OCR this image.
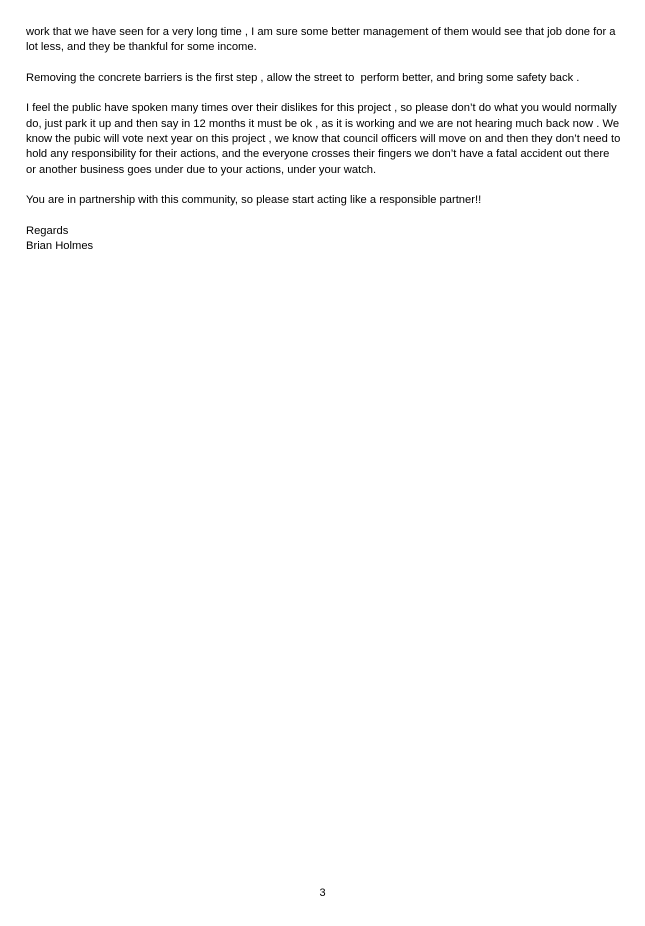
work that we have seen for a very long time , I am sure some better management of them would see that job done for a lot less, and they be thankful for some income.

Removing the concrete barriers is the first step , allow the street to  perform better, and bring some safety back .

I feel the public have spoken many times over their dislikes for this project , so please don’t do what you would normally do, just park it up and then say in 12 months it must be ok , as it is working and we are not hearing much back now . We know the pubic will vote next year on this project , we know that council officers will move on and then they don’t need to hold any responsibility for their actions, and the everyone crosses their fingers we don’t have a fatal accident out there or another business goes under due to your actions, under your watch.

You are in partnership with this community, so please start acting like a responsible partner!!

Regards
Brian Holmes
3
